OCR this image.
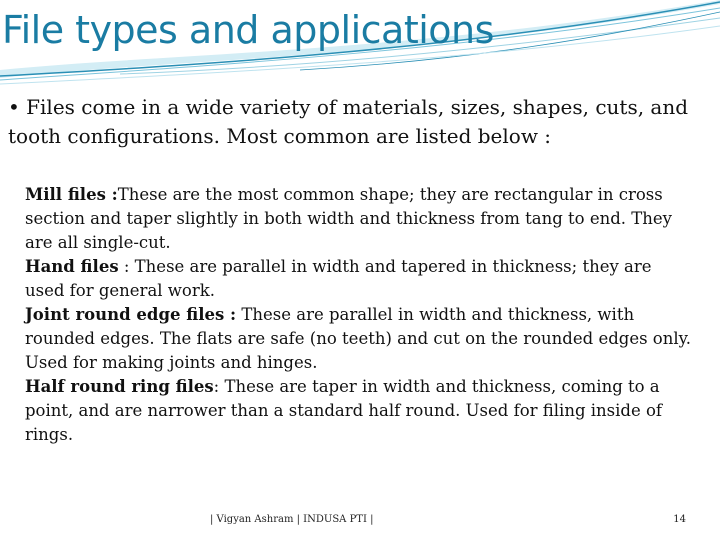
File types and applications

• Files come in a wide variety of materials, sizes, shapes, cuts, and tooth configurations. Most common are listed below :

Mill files :These are the most common shape; they are rectangular in cross section and taper slightly in both width and thickness from tang to end. They are all single-cut.

Hand files : These are parallel in width and tapered in thickness; they are used for general work.

Joint round edge files : These are parallel in width and thickness, with rounded edges. The flats are safe (no teeth) and cut on the rounded edges only. Used for making joints and hinges.

Half round ring files: These are taper in width and thickness, coming to a point, and are narrower than a standard half round. Used for filing inside of rings.

| Vigyan Ashram | INDUSA PTI |	14
